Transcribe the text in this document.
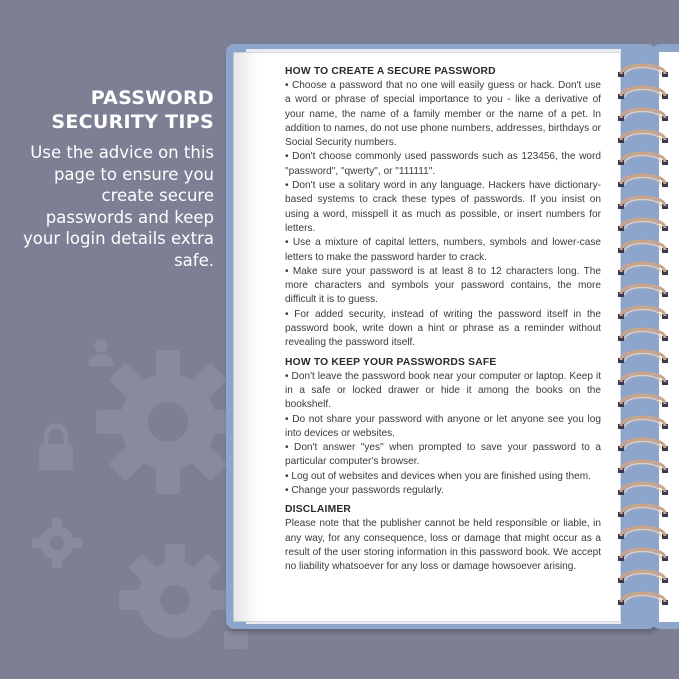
PASSWORD SECURITY TIPS
Use the advice on this page to ensure you create secure passwords and keep your login details extra safe.
HOW TO CREATE A SECURE PASSWORD

• Choose a password that no one will easily guess or hack. Don't use a word or phrase of special importance to you - like a derivative of your name, the name of a family member or the name of a pet. In addition to names, do not use phone numbers, addresses, birthdays or Social Security numbers.

• Don't choose commonly used passwords such as 123456, the word "password", "qwerty", or "111111".

• Don't use a solitary word in any language. Hackers have dictionary-based systems to crack these types of passwords. If you insist on using a word, misspell it as much as possible, or insert numbers for letters.

• Use a mixture of capital letters, numbers, symbols and lower-case letters to make the password harder to crack.

• Make sure your password is at least 8 to 12 characters long. The more characters and symbols your password contains, the more difficult it is to guess.

• For added security, instead of writing the password itself in the password book, write down a hint or phrase as a reminder without revealing the password itself.

HOW TO KEEP YOUR PASSWORDS SAFE

• Don't leave the password book near your computer or laptop. Keep it in a safe or locked drawer or hide it among the books on the bookshelf.

• Do not share your password with anyone or let anyone see you log into devices or websites.

• Don't answer "yes" when prompted to save your password to a particular computer's browser.

• Log out of websites and devices when you are finished using them.

• Change your passwords regularly.

DISCLAIMER

Please note that the publisher cannot be held responsible or liable, in any way, for any consequence, loss or damage that might occur as a result of the user storing information in this password book. We accept no liability whatsoever for any loss or damage howsoever arising.
